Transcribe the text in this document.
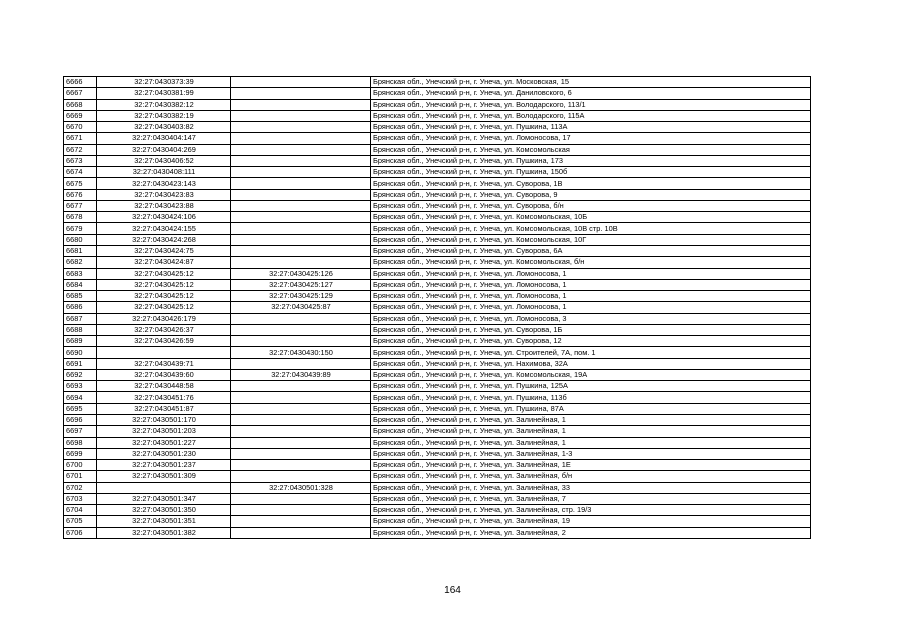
6666	32:27:0430373:39		Брянская обл., Унечский р-н, г. Унеча, ул. Московская, 15
6667	32:27:0430381:99		Брянская обл., Унечский р-н, г. Унеча, ул. Даниловского, 6
6668	32:27:0430382:12		Брянская обл., Унечский р-н, г. Унеча, ул. Володарского, 113/1
6669	32:27:0430382:19		Брянская обл., Унечский р-н, г. Унеча, ул. Володарского, 115А
6670	32:27:0430403:82		Брянская обл., Унечский р-н, г. Унеча, ул. Пушкина, 113А
6671	32:27:0430404:147		Брянская обл., Унечский р-н, г. Унеча, ул. Ломоносова, 17
6672	32:27:0430404:269		Брянская обл., Унечский р-н, г. Унеча, ул. Комсомольская
6673	32:27:0430406:52		Брянская обл., Унечский р-н, г. Унеча, ул. Пушкина, 173
6674	32:27:0430408:111		Брянская обл., Унечский р-н, г. Унеча, ул. Пушкина, 150б
6675	32:27:0430423:143		Брянская обл., Унечский р-н, г. Унеча, ул. Суворова, 1В
6676	32:27:0430423:83		Брянская обл., Унечский р-н, г. Унеча, ул. Суворова, 9
6677	32:27:0430423:88		Брянская обл., Унечский р-н, г. Унеча, ул. Суворова, б/н
6678	32:27:0430424:106		Брянская обл., Унечский р-н, г. Унеча, ул. Комсомольская, 10Б
6679	32:27:0430424:155		Брянская обл., Унечский р-н, г. Унеча, ул. Комсомольская, 10В стр. 10В
6680	32:27:0430424:268		Брянская обл., Унечский р-н, г. Унеча, ул. Комсомольская, 10Г
6681	32:27:0430424:75		Брянская обл., Унечский р-н, г. Унеча, ул. Суворова, 6А
6682	32:27:0430424:87		Брянская обл., Унечский р-н, г. Унеча, ул. Комсомольская, б/н
6683	32:27:0430425:12	32:27:0430425:126	Брянская обл., Унечский р-н, г. Унеча, ул. Ломоносова, 1
6684	32:27:0430425:12	32:27:0430425:127	Брянская обл., Унечский р-н, г. Унеча, ул. Ломоносова, 1
6685	32:27:0430425:12	32:27:0430425:129	Брянская обл., Унечский р-н, г. Унеча, ул. Ломоносова, 1
6686	32:27:0430425:12	32:27:0430425:87	Брянская обл., Унечский р-н, г. Унеча, ул. Ломоносова, 1
6687	32:27:0430426:179		Брянская обл., Унечский р-н, г. Унеча, ул. Ломоносова, 3
6688	32:27:0430426:37		Брянская обл., Унечский р-н, г. Унеча, ул. Суворова, 1Б
6689	32:27:0430426:59		Брянская обл., Унечский р-н, г. Унеча, ул. Суворова, 12
6690		32:27:0430430:150	Брянская обл., Унечский р-н, г. Унеча, ул. Строителей, 7А, пом. 1
6691	32:27:0430439:71		Брянская обл., Унечский р-н, г. Унеча, ул. Нахимова, 32А
6692	32:27:0430439:60	32:27:0430439:89	Брянская обл., Унечский р-н, г. Унеча, ул. Комсомольская, 19А
6693	32:27:0430448:58		Брянская обл., Унечский р-н, г. Унеча, ул. Пушкина, 125А
6694	32:27:0430451:76		Брянская обл., Унечский р-н, г. Унеча, ул. Пушкина, 113б
6695	32:27:0430451:87		Брянская обл., Унечский р-н, г. Унеча, ул. Пушкина, 87А
6696	32:27:0430501:170		Брянская обл., Унечский р-н, г. Унеча, ул. Залинейная, 1
6697	32:27:0430501:203		Брянская обл., Унечский р-н, г. Унеча, ул. Залинейная, 1
6698	32:27:0430501:227		Брянская обл., Унечский р-н, г. Унеча, ул. Залинейная, 1
6699	32:27:0430501:230		Брянская обл., Унечский р-н, г. Унеча, ул. Залинейная, 1-3
6700	32:27:0430501:237		Брянская обл., Унечский р-н, г. Унеча, ул. Залинейная, 1Е
6701	32:27:0430501:309		Брянская обл., Унечский р-н, г. Унеча, ул. Залинейная, б/н
6702		32:27:0430501:328	Брянская обл., Унечский р-н, г. Унеча, ул. Залинейная, 33
6703	32:27:0430501:347		Брянская обл., Унечский р-н, г. Унеча, ул. Залинейная, 7
6704	32:27:0430501:350		Брянская обл., Унечский р-н, г. Унеча, ул. Залинейная, стр. 19/3
6705	32:27:0430501:351		Брянская обл., Унечский р-н, г. Унеча, ул. Залинейная, 19
6706	32:27:0430501:382		Брянская обл., Унечский р-н, г. Унеча, ул. Залинейная, 2
164
